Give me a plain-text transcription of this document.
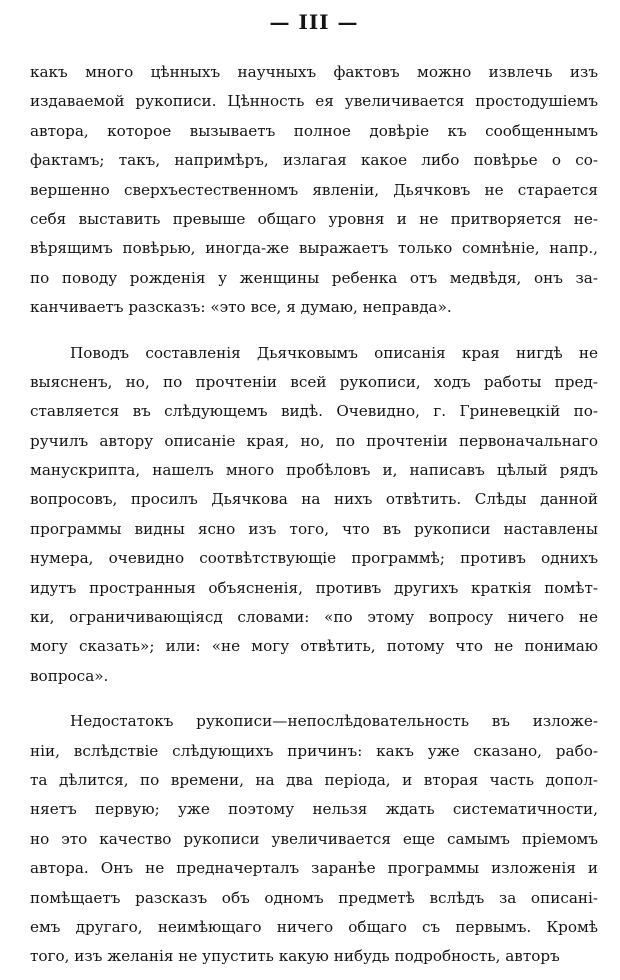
— III —
какъ много цѣнныхъ научныхъ фактовъ можно извлечь изъ
издаваемой рукописи. Цѣнность ея увеличивается простодушіемъ
автора, которое вызываетъ полное довѣріе къ сообщеннымъ
фактамъ; такъ, напримѣръ, излагая какое либо повѣрье о со-
вершенно сверхъестественномъ явленіи, Дьячковъ не старается
себя выставить превыше общаго уровня и не притворяется не-
вѣрящимъ повѣрью, иногда-же выражаетъ только сомнѣніе, напр.,
по поводу рожденія у женщины ребенка отъ медвѣдя, онъ за-
канчиваетъ разсказъ: «это все, я думаю, неправда».
Поводъ составленія Дьячковымъ описанія края нигдѣ не
выясненъ, но, по прочтеніи всей рукописи, ходъ работы пред-
ставляется въ слѣдующемъ видѣ. Очевидно, г. Гриневецкій по-
ручилъ автору описаніе края, но, по прочтеніи первоначальнаго
манускрипта, нашелъ много пробѣловъ и, написавъ цѣлый рядъ
вопросовъ, просилъ Дьячкова на нихъ отвѣтить. Слѣды данной
программы видны ясно изъ того, что въ рукописи наставлены
нумера, очевидно соотвѣтствующіе программѣ; противъ однихъ
идутъ пространныя объясненія, противъ другихъ краткія помѣт-
ки, ограничивающіясд словами: «по этому вопросу ничего не
могу сказать»; или: «не могу отвѣтить, потому что не понимаю
вопроса».
Недостатокъ рукописи—непослѣдовательность въ изложе-
ніи, вслѣдствіе слѣдующихъ причинъ: какъ уже сказано, рабо-
та дѣлится, по времени, на два періода, и вторая часть допол-
няетъ первую; уже поэтому нельзя ждать систематичности,
но это качество рукописи увеличивается еще самымъ пріемомъ
автора. Онъ не предначерталъ заранѣе программы изложенія и
помѣщаетъ разсказъ объ одномъ предметѣ вслѣдъ за описані-
емъ другаго, неимѣющаго ничего общаго съ первымъ. Кромѣ
того, изъ желанія не упустить какую нибудь подробность, авторъ
